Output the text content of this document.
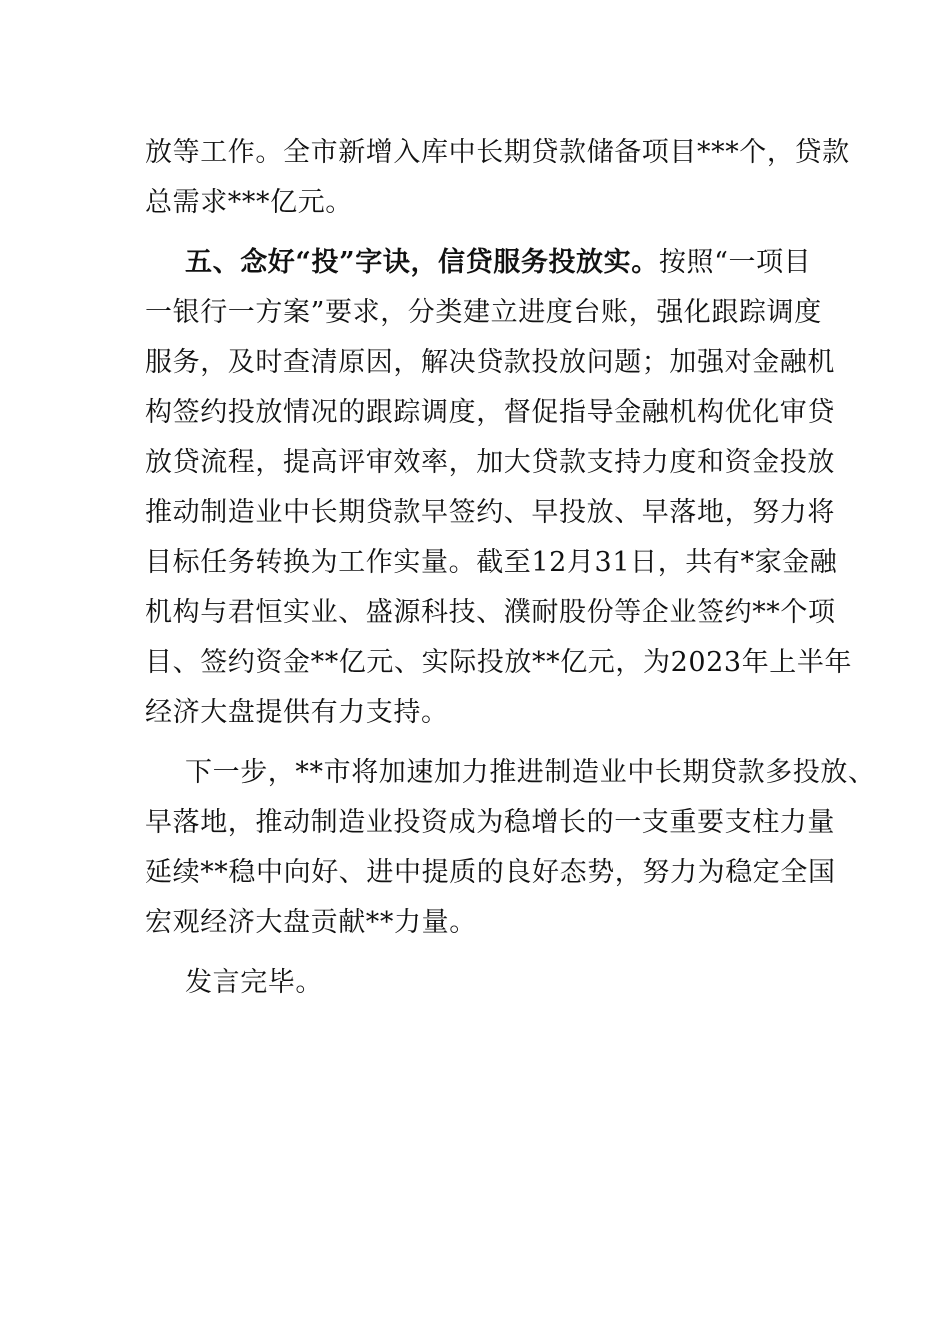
放等工作。全市新增入库中长期贷款储备项目***个，贷款
总需求***亿元。
五、念好“投”字诀，信贷服务投放实。按照“一项目
一银行一方案”要求，分类建立进度台账，强化跟踪调度
服务，及时查清原因，解决贷款投放问题；加强对金融机
构签约投放情况的跟踪调度，督促指导金融机构优化审贷
放贷流程，提高评审效率，加大贷款支持力度和资金投放
推动制造业中长期贷款早签约、早投放、早落地，努力将
目标任务转换为工作实量。截至12月31日，共有*家金融
机构与君恒实业、盛源科技、濮耐股份等企业签约**个项
目、签约资金**亿元、实际投放**亿元，为2023年上半年
经济大盘提供有力支持。
下一步，**市将加速加力推进制造业中长期贷款多投放、
早落地，推动制造业投资成为稳增长的一支重要支柱力量
延续**稳中向好、进中提质的良好态势，努力为稳定全国
宏观经济大盘贡献**力量。
发言完毕。
